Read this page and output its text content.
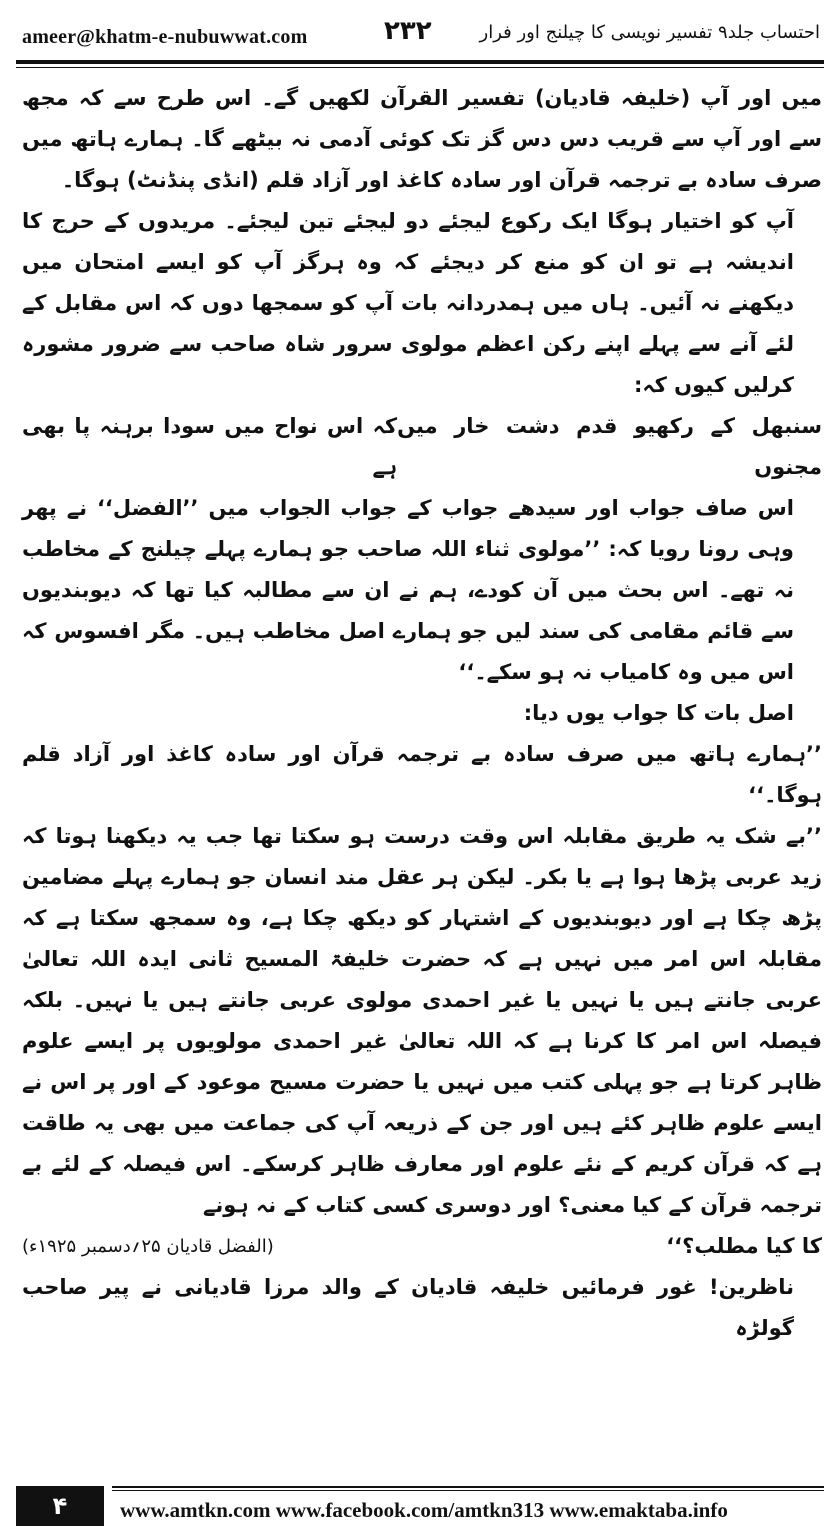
ameer@khatm-e-nubuwwat.com	۲۳۲	احتساب جلد۹ تفسیر نویسی کا چیلنج اور فرار

میں اور آپ (خلیفہ قادیان) تفسیر القرآن لکھیں گے۔ اس طرح سے کہ مجھ سے اور آپ سے قریب دس دس گز تک کوئی آدمی نہ بیٹھے گا۔ ہمارے ہاتھ میں صرف سادہ بے ترجمہ قرآن اور سادہ کاغذ اور آزاد قلم (انڈی پنڈنٹ) ہوگا۔

آپ کو اختیار ہوگا ایک رکوع لیجئے دو لیجئے تین لیجئے۔ مریدوں کے حرج کا اندیشہ ہے تو ان کو منع کر دیجئے کہ وہ ہرگز آپ کو ایسے امتحان میں دیکھنے نہ آئیں۔ ہاں میں ہمدردانہ بات آپ کو سمجھا دوں کہ اس مقابل کے لئے آنے سے پہلے اپنے رکن اعظم مولوی سرور شاہ صاحب سے ضرور مشورہ کرلیں کیوں کہ:

سنبھل کے رکھیو قدم دشت خار میں مجنوں
کہ اس نواح میں سودا برہنہ پا بھی ہے

اس صاف جواب اور سیدھے جواب کے جواب الجواب میں ’’الفضل‘‘ نے پھر وہی رونا رویا کہ: ’’مولوی ثناء اللہ صاحب جو ہمارے پہلے چیلنج کے مخاطب نہ تھے۔ اس بحث میں آن کودے، ہم نے ان سے مطالبہ کیا تھا کہ دیوبندیوں سے قائم مقامی کی سند لیں جو ہمارے اصل مخاطب ہیں۔ مگر افسوس کہ اس میں وہ کامیاب نہ ہو سکے۔‘‘

اصل بات کا جواب یوں دیا:

’’ہمارے ہاتھ میں صرف سادہ بے ترجمہ قرآن اور سادہ کاغذ اور آزاد قلم ہوگا۔‘‘

’’بے شک یہ طریق مقابلہ اس وقت درست ہو سکتا تھا جب یہ دیکھنا ہوتا کہ زید عربی پڑھا ہوا ہے یا بکر۔ لیکن ہر عقل مند انسان جو ہمارے پہلے مضامین پڑھ چکا ہے اور دیوبندیوں کے اشتہار کو دیکھ چکا ہے، وہ سمجھ سکتا ہے کہ مقابلہ اس امر میں نہیں ہے کہ حضرت خلیفۃ المسیح ثانی ایدہ اللہ تعالیٰ عربی جانتے ہیں یا نہیں یا غیر احمدی مولوی عربی جانتے ہیں یا نہیں۔ بلکہ فیصلہ اس امر کا کرنا ہے کہ اللہ تعالیٰ غیر احمدی مولویوں پر ایسے علوم ظاہر کرتا ہے جو پہلی کتب میں نہیں یا حضرت مسیح موعود کے اور پر اس نے ایسے علوم ظاہر کئے ہیں اور جن کے ذریعہ آپ کی جماعت میں بھی یہ طاقت ہے کہ قرآن کریم کے نئے علوم اور معارف ظاہر کرسکے۔ اس فیصلہ کے لئے بے ترجمہ قرآن کے کیا معنی؟ اور دوسری کسی کتاب کے نہ ہونے

کا کیا مطلب؟‘‘
(الفضل قادیان ۲۵؍دسمبر ۱۹۲۵ء)

ناظرین! غور فرمائیں خلیفہ قادیان کے والد مرزا قادیانی نے پیر صاحب گولڑہ

۴	www.amtkn.com www.facebook.com/amtkn313 www.emaktaba.info
